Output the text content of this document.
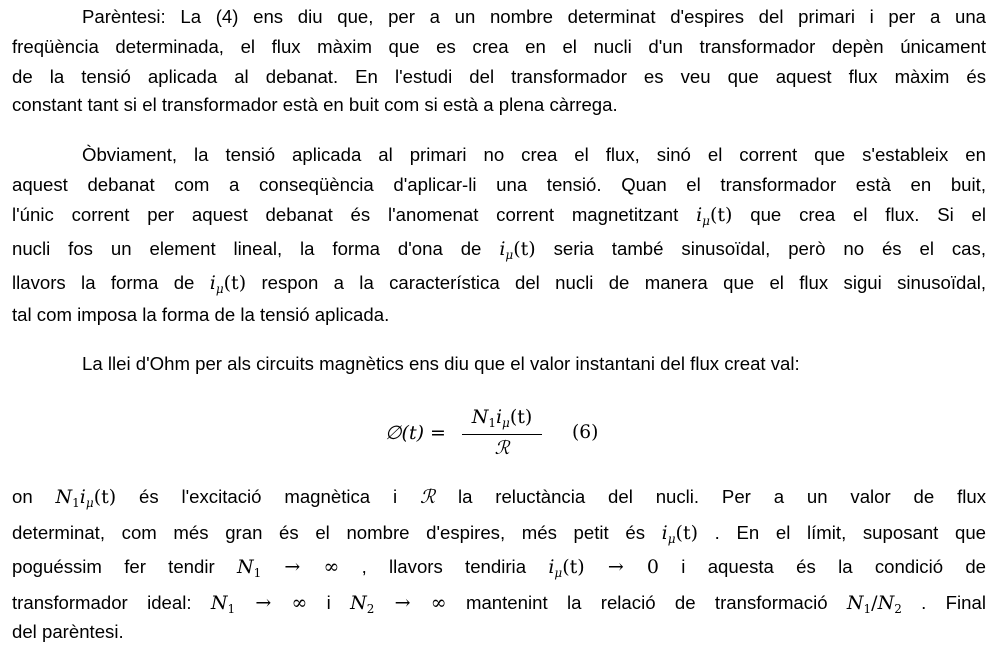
Parèntesi: La (4) ens diu que, per a un nombre determinat d'espires del primari i per a una
freqüència determinada, el flux màxim que es crea en el nucli d'un transformador depèn únicament
de la tensió aplicada al debanat. En l'estudi del transformador es veu que aquest flux màxim és
constant tant si el transformador està en buit com si està a plena càrrega.
Òbviament, la tensió aplicada al primari no crea el flux, sinó el corrent que s'estableix en
aquest debanat com a conseqüència d'aplicar-li una tensió. Quan el transformador està en buit,
l'únic corrent per aquest debanat és l'anomenat corrent magnetitzant $i_\mu(t)$ que crea el flux. Si el
nucli fos un element lineal, la forma d'ona de $i_\mu(t)$ seria també sinusoïdal, però no és el cas,
llavors la forma de $i_\mu(t)$ respon a la característica del nucli de manera que el flux sigui sinusoïdal,
tal com imposa la forma de la tensió aplicada.
La llei d'Ohm per als circuits magnètics ens diu que el valor instantani del flux creat val:
∅(t) =
$N_1i_\mu(t)$
ℛ
(6)
on $N_1i_\mu(t)$ és l'excitació magnètica i ℛ la reluctància del nucli. Per a un valor de flux
determinat, com més gran és el nombre d'espires, més petit és $i_\mu(t)$ . En el límit, suposant que
poguéssim fer tendir $N_1$ → ∞ , llavors tendiria $i_\mu(t) \to 0$ i aquesta és la condició de
transformador ideal: $N_1$ → ∞ i $N_2$ → ∞ mantenint la relació de transformació $N_1/N_2$ . Final
del parèntesi.
